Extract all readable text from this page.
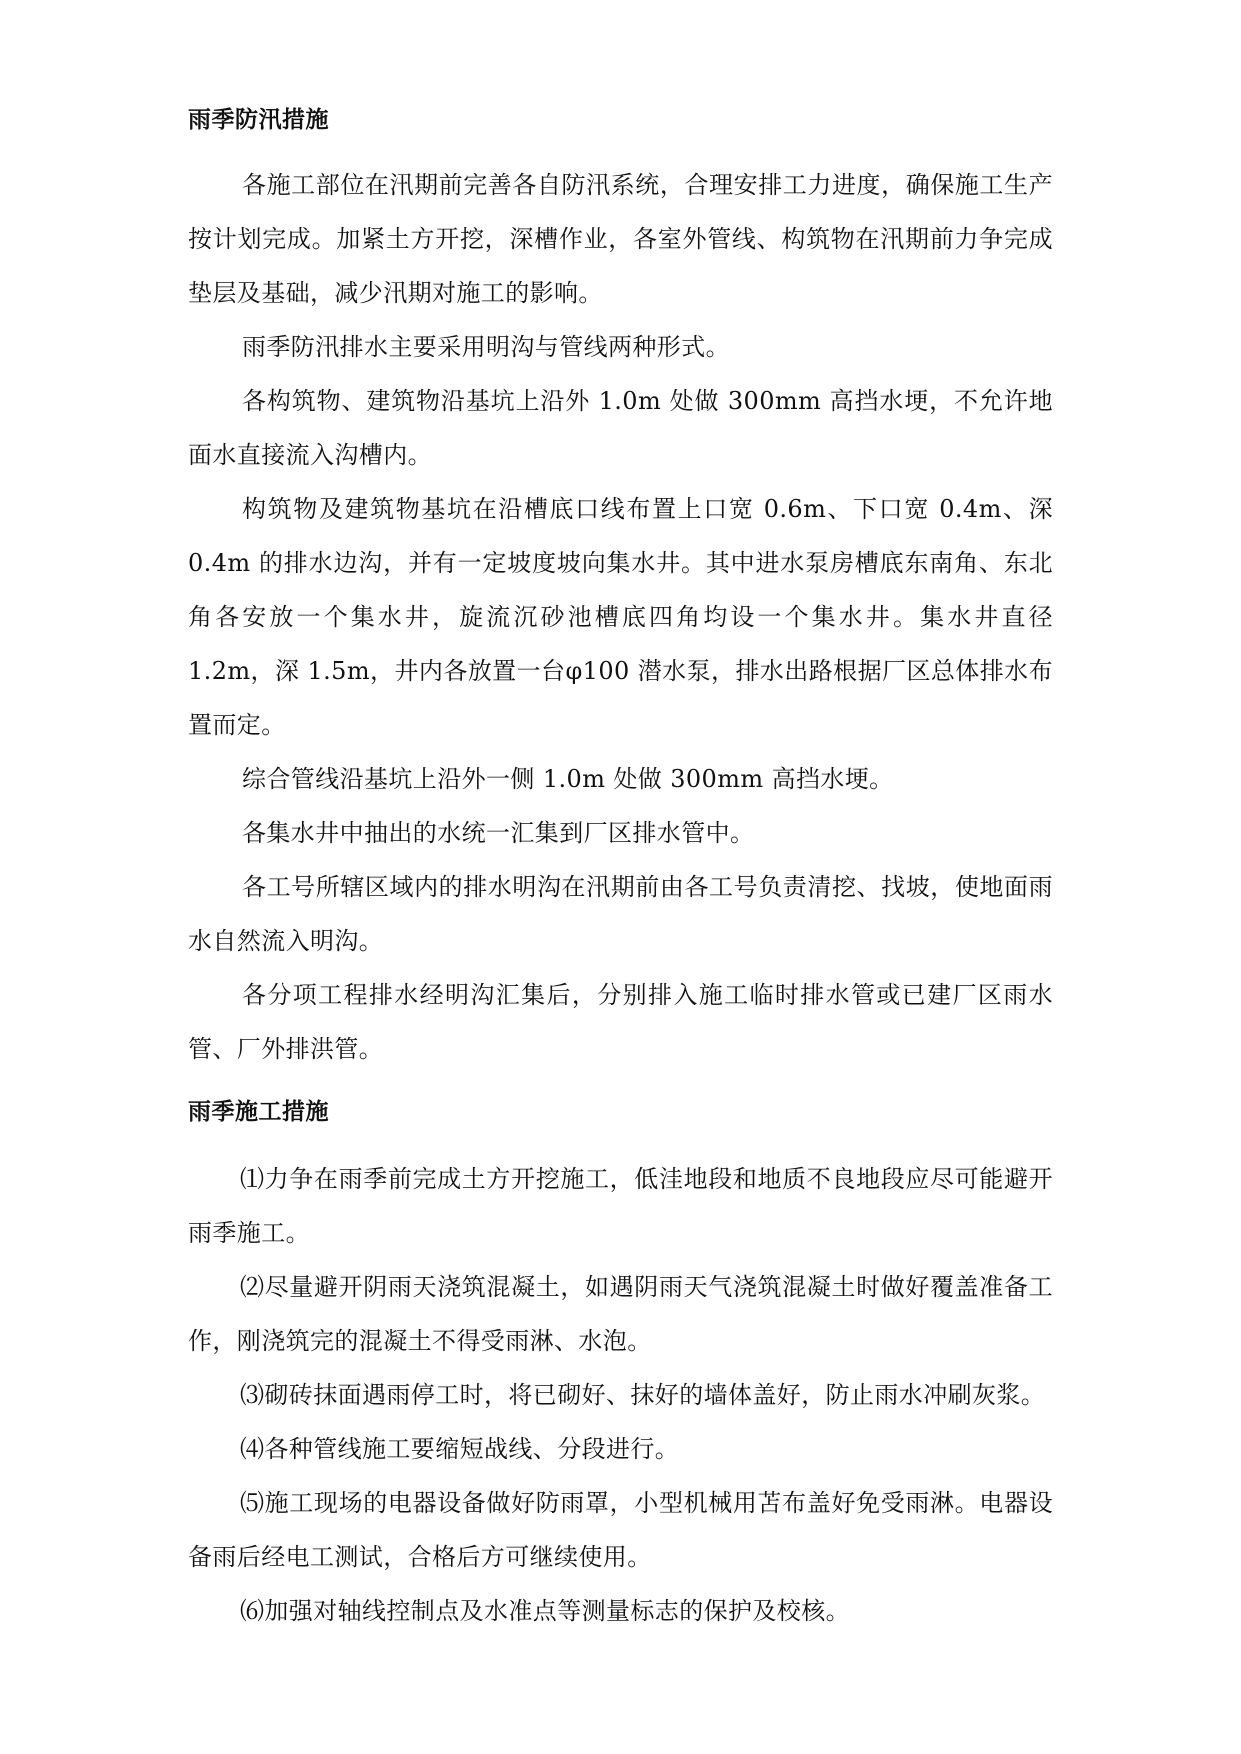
雨季防汛措施

各施工部位在汛期前完善各自防汛系统，合理安排工力进度，确保施工生产按计划完成。加紧土方开挖，深槽作业，各室外管线、构筑物在汛期前力争完成垫层及基础，减少汛期对施工的影响。

雨季防汛排水主要采用明沟与管线两种形式。

各构筑物、建筑物沿基坑上沿外 1.0m 处做 300mm 高挡水埂，不允许地面水直接流入沟槽内。

构筑物及建筑物基坑在沿槽底口线布置上口宽 0.6m、下口宽 0.4m、深 0.4m 的排水边沟，并有一定坡度坡向集水井。其中进水泵房槽底东南角、东北角各安放一个集水井，旋流沉砂池槽底四角均设一个集水井。集水井直径 1.2m，深 1.5m，井内各放置一台φ100 潜水泵，排水出路根据厂区总体排水布置而定。

综合管线沿基坑上沿外一侧 1.0m 处做 300mm 高挡水埂。

各集水井中抽出的水统一汇集到厂区排水管中。

各工号所辖区域内的排水明沟在汛期前由各工号负责清挖、找坡，使地面雨水自然流入明沟。

各分项工程排水经明沟汇集后，分别排入施工临时排水管或已建厂区雨水管、厂外排洪管。

雨季施工措施

⑴力争在雨季前完成土方开挖施工，低洼地段和地质不良地段应尽可能避开雨季施工。

⑵尽量避开阴雨天浇筑混凝土，如遇阴雨天气浇筑混凝土时做好覆盖准备工作，刚浇筑完的混凝土不得受雨淋、水泡。

⑶砌砖抹面遇雨停工时，将已砌好、抹好的墙体盖好，防止雨水冲刷灰浆。

⑷各种管线施工要缩短战线、分段进行。

⑸施工现场的电器设备做好防雨罩，小型机械用苫布盖好免受雨淋。电器设备雨后经电工测试，合格后方可继续使用。

⑹加强对轴线控制点及水准点等测量标志的保护及校核。
